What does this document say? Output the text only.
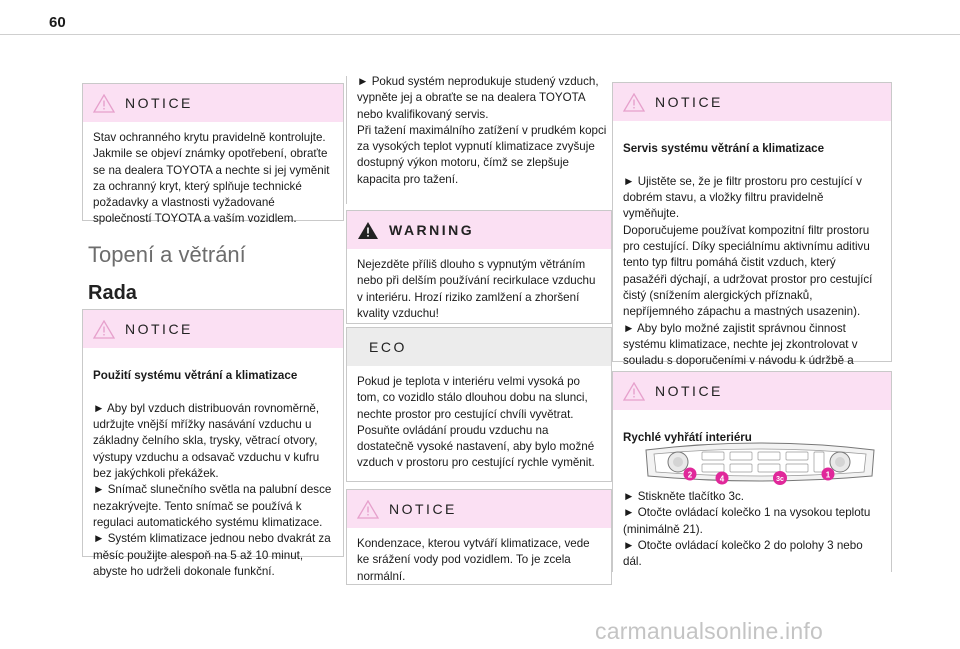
60
NOTICE
Stav ochranného krytu pravidelně kontrolujte.
Jakmile se objeví známky opotřebení, obraťte se na dealera TOYOTA a nechte si jej vyměnit za ochranný kryt, který splňuje technické požadavky a vlastnosti vyžadované společností TOYOTA a vaším vozidlem.
Topení a větrání
Rada
NOTICE

Použití systému větrání a klimatizace

► Aby byl vzduch distribuován rovnoměrně, udržujte vnější mřížky nasávání vzduchu u základny čelního skla, trysky, větrací otvory, výstupy vzduchu a odsavač vzduchu v kufru bez jakýchkoli překážek.
► Snímač slunečního světla na palubní desce nezakrývejte. Tento snímač se používá k regulaci automatického systému klimatizace.
► Systém klimatizace jednou nebo dvakrát za měsíc použijte alespoň na 5 až 10 minut, abyste ho udrželi dokonale funkční.

► Pokud systém neprodukuje studený vzduch, vypněte jej a obraťte se na dealera TOYOTA nebo kvalifikovaný servis.
Při tažení maximálního zatížení v prudkém kopci za vysokých teplot vypnutí klimatizace zvyšuje dostupný výkon motoru, čímž se zlepšuje kapacita pro tažení.
WARNING
Nejezděte příliš dlouho s vypnutým větráním nebo při delším používání recirkulace vzduchu v interiéru. Hrozí riziko zamlžení a zhoršení kvality vzduchu!
ECO
Pokud je teplota v interiéru velmi vysoká po tom, co vozidlo stálo dlouhou dobu na slunci, nechte prostor pro cestující chvíli vyvětrat. Posuňte ovládání proudu vzduchu na dostatečně vysoké nastavení, aby bylo možné vzduch v prostoru pro cestující rychle vyměnit.
NOTICE
Kondenzace, kterou vytváří klimatizace, vede ke srážení vody pod vozidlem. To je zcela normální.
NOTICE

Servis systému větrání a klimatizace

► Ujistěte se, že je filtr prostoru pro cestující v dobrém stavu, a vložky filtru pravidelně vyměňujte.
Doporučujeme používat kompozitní filtr prostoru pro cestující. Díky speciálnímu aktivnímu aditivu tento typ filtru pomáhá čistit vzduch, který pasažéři dýchají, a udržovat prostor pro cestující čistý (snížením alergických příznaků, nepříjemného zápachu a mastných usazenin).
► Aby bylo možné zajistit správnou činnost systému klimatizace, nechte jej zkontrolovat v souladu s doporučeními v návodu k údržbě a

NOTICE

Rychlé vyhřátí interiéru

► Stiskněte tlačítko 3c.
► Otočte ovládací kolečko 1 na vysokou teplotu (minimálně 21).
► Otočte ovládací kolečko 2 do polohy 3 nebo dál.
2	4	3c	1
carmanualsonline.info
